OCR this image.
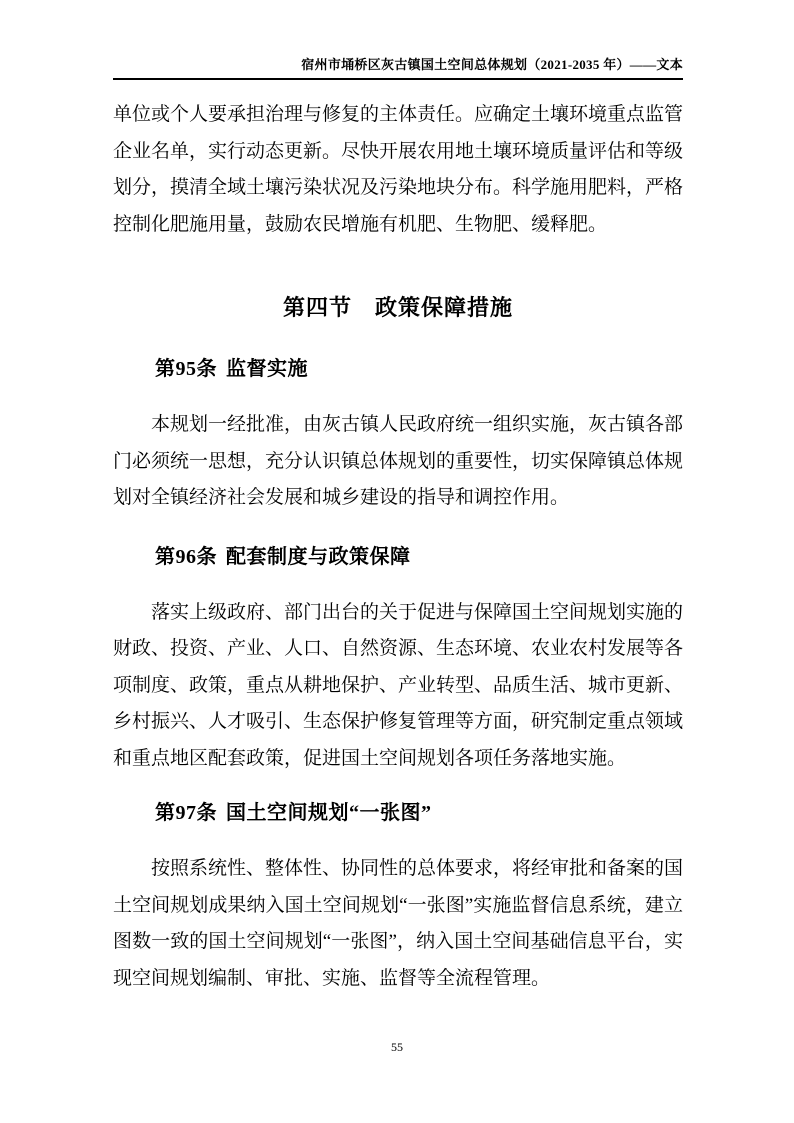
宿州市埇桥区灰古镇国土空间总体规划（2021-2035 年）——文本

单位或个人要承担治理与修复的主体责任。应确定土壤环境重点监管企业名单，实行动态更新。尽快开展农用地土壤环境质量评估和等级划分，摸清全域土壤污染状况及污染地块分布。科学施用肥料，严格控制化肥施用量，鼓励农民增施有机肥、生物肥、缓释肥。

第四节　政策保障措施
第95条 监督实施

本规划一经批准，由灰古镇人民政府统一组织实施，灰古镇各部门必须统一思想，充分认识镇总体规划的重要性，切实保障镇总体规划对全镇经济社会发展和城乡建设的指导和调控作用。

第96条 配套制度与政策保障

落实上级政府、部门出台的关于促进与保障国土空间规划实施的财政、投资、产业、人口、自然资源、生态环境、农业农村发展等各项制度、政策，重点从耕地保护、产业转型、品质生活、城市更新、乡村振兴、人才吸引、生态保护修复管理等方面，研究制定重点领域和重点地区配套政策，促进国土空间规划各项任务落地实施。

第97条 国土空间规划“一张图”

按照系统性、整体性、协同性的总体要求，将经审批和备案的国土空间规划成果纳入国土空间规划“一张图”实施监督信息系统，建立图数一致的国土空间规划“一张图”，纳入国土空间基础信息平台，实现空间规划编制、审批、实施、监督等全流程管理。

55
